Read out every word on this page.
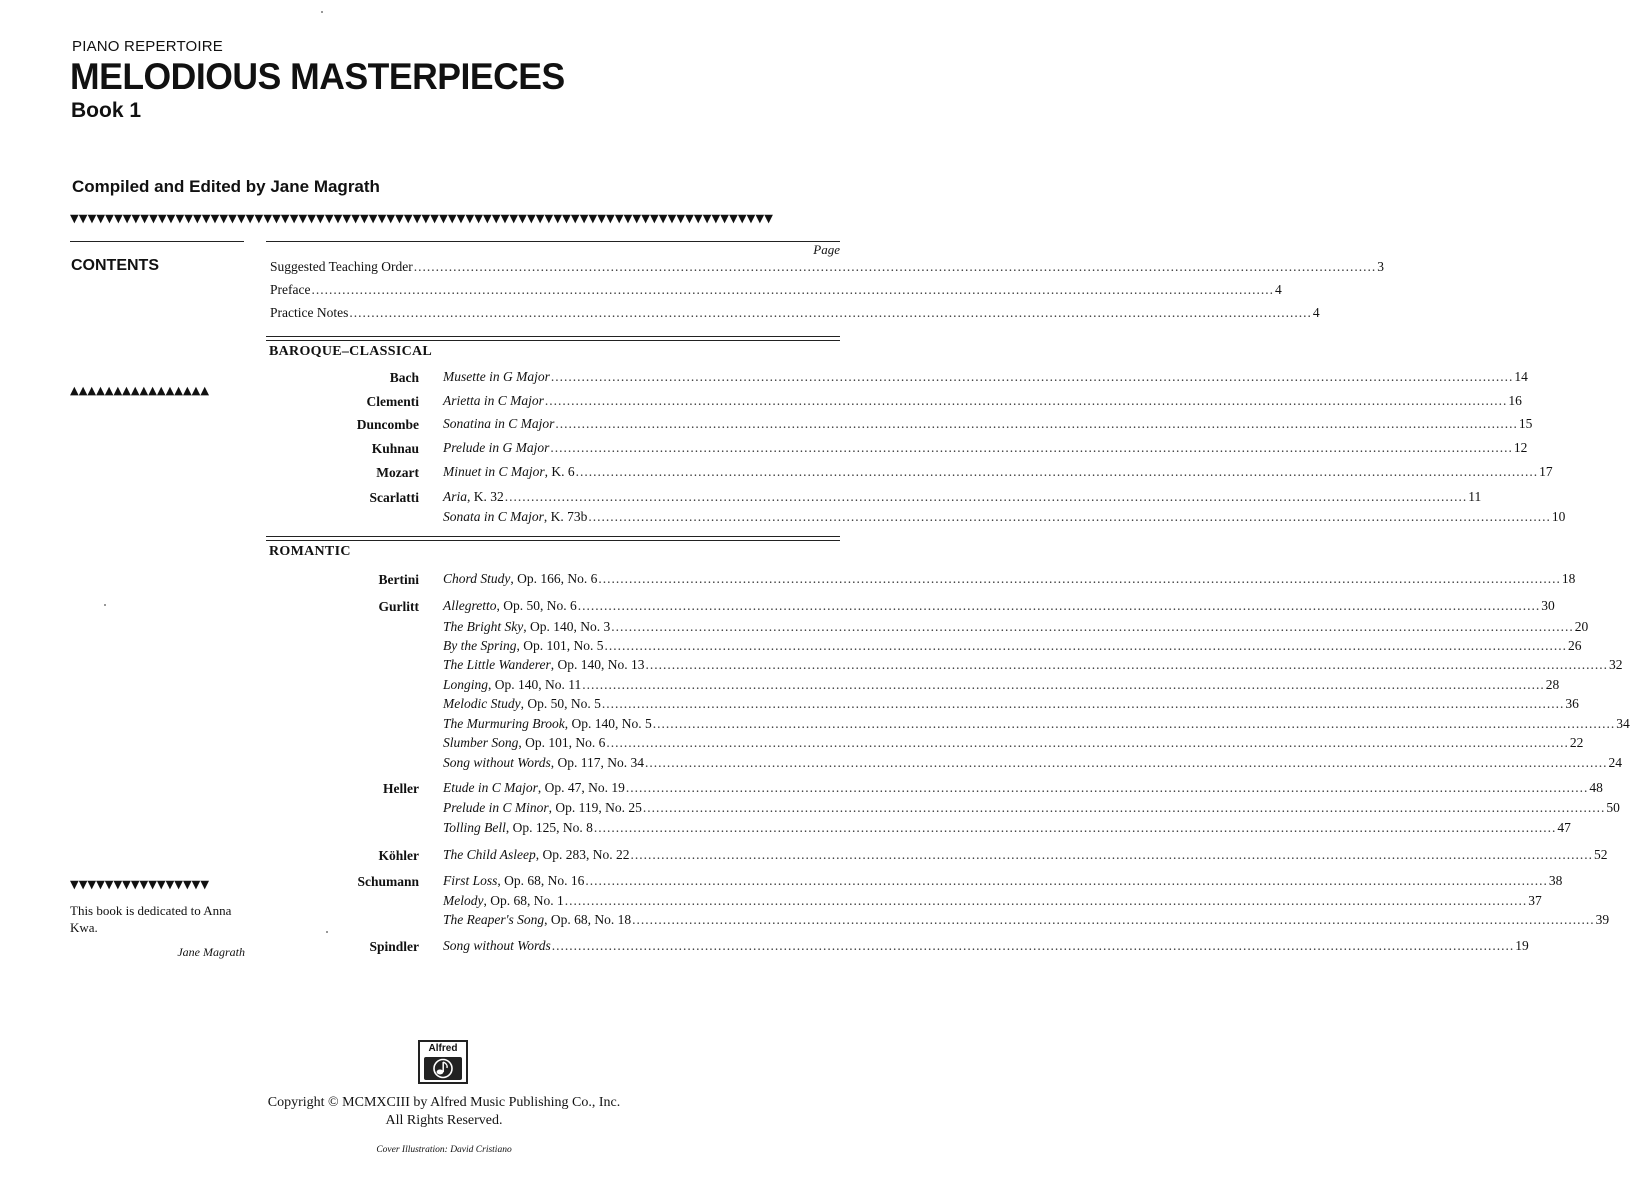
PIANO REPERTOIRE
MELODIOUS MASTERPIECES
Book 1
Compiled and Edited by Jane Magrath
▼▼▼▼▼▼▼▼▼▼▼▼▼▼▼▼▼▼▼▼▼▼▼▼▼▼▼▼▼▼▼▼▼▼▼▼▼▼▼▼▼▼▼▼▼▼▼▼▼▼▼▼▼▼▼▼▼▼▼▼▼▼▼▼▼▼▼▼▼▼▼▼▼▼▼▼▼▼▼▼
CONTENTS
▲▲▲▲▲▲▲▲▲▲▲▲▲▲▲▲
▼▼▼▼▼▼▼▼▼▼▼▼▼▼▼▼
This book is dedicated to Anna Kwa.
Jane Magrath
Page
Suggested Teaching Order ............................................................................................................................................................................................................................ 3
Preface ............................................................................................................................................................................................................................ 4
Practice Notes ............................................................................................................................................................................................................................ 4
BAROQUE–CLASSICAL
Bach Musette in G Major ............................................................................................................................................................................................................................ 14
Clementi Arietta in C Major ............................................................................................................................................................................................................................ 16
Duncombe Sonatina in C Major ............................................................................................................................................................................................................................ 15
Kuhnau Prelude in G Major ............................................................................................................................................................................................................................ 12
Mozart Minuet in C Major, K. 6 ............................................................................................................................................................................................................................ 17
Scarlatti Aria, K. 32 ............................................................................................................................................................................................................................ 11
Sonata in C Major, K. 73b ............................................................................................................................................................................................................................ 10
ROMANTIC
Bertini Chord Study, Op. 166, No. 6 ............................................................................................................................................................................................................................ 18
Gurlitt Allegretto, Op. 50, No. 6 ............................................................................................................................................................................................................................ 30
The Bright Sky, Op. 140, No. 3 ............................................................................................................................................................................................................................ 20
By the Spring, Op. 101, No. 5 ............................................................................................................................................................................................................................ 26
The Little Wanderer, Op. 140, No. 13 ............................................................................................................................................................................................................................ 32
Longing, Op. 140, No. 11 ............................................................................................................................................................................................................................ 28
Melodic Study, Op. 50, No. 5 ............................................................................................................................................................................................................................ 36
The Murmuring Brook, Op. 140, No. 5 ............................................................................................................................................................................................................................ 34
Slumber Song, Op. 101, No. 6 ............................................................................................................................................................................................................................ 22
Song without Words, Op. 117, No. 34 ............................................................................................................................................................................................................................ 24
Heller Etude in C Major, Op. 47, No. 19 ............................................................................................................................................................................................................................ 48
Prelude in C Minor, Op. 119, No. 25 ............................................................................................................................................................................................................................ 50
Tolling Bell, Op. 125, No. 8 ............................................................................................................................................................................................................................ 47
Köhler The Child Asleep, Op. 283, No. 22 ............................................................................................................................................................................................................................ 52
Schumann First Loss, Op. 68, No. 16 ............................................................................................................................................................................................................................ 38
Melody, Op. 68, No. 1 ............................................................................................................................................................................................................................ 37
The Reaper's Song, Op. 68, No. 18 ............................................................................................................................................................................................................................ 39
Spindler Song without Words ............................................................................................................................................................................................................................ 19
Alfred
Copyright © MCMXCIII by Alfred Music Publishing Co., Inc.
All Rights Reserved.
Cover Illustration: David Cristiano
